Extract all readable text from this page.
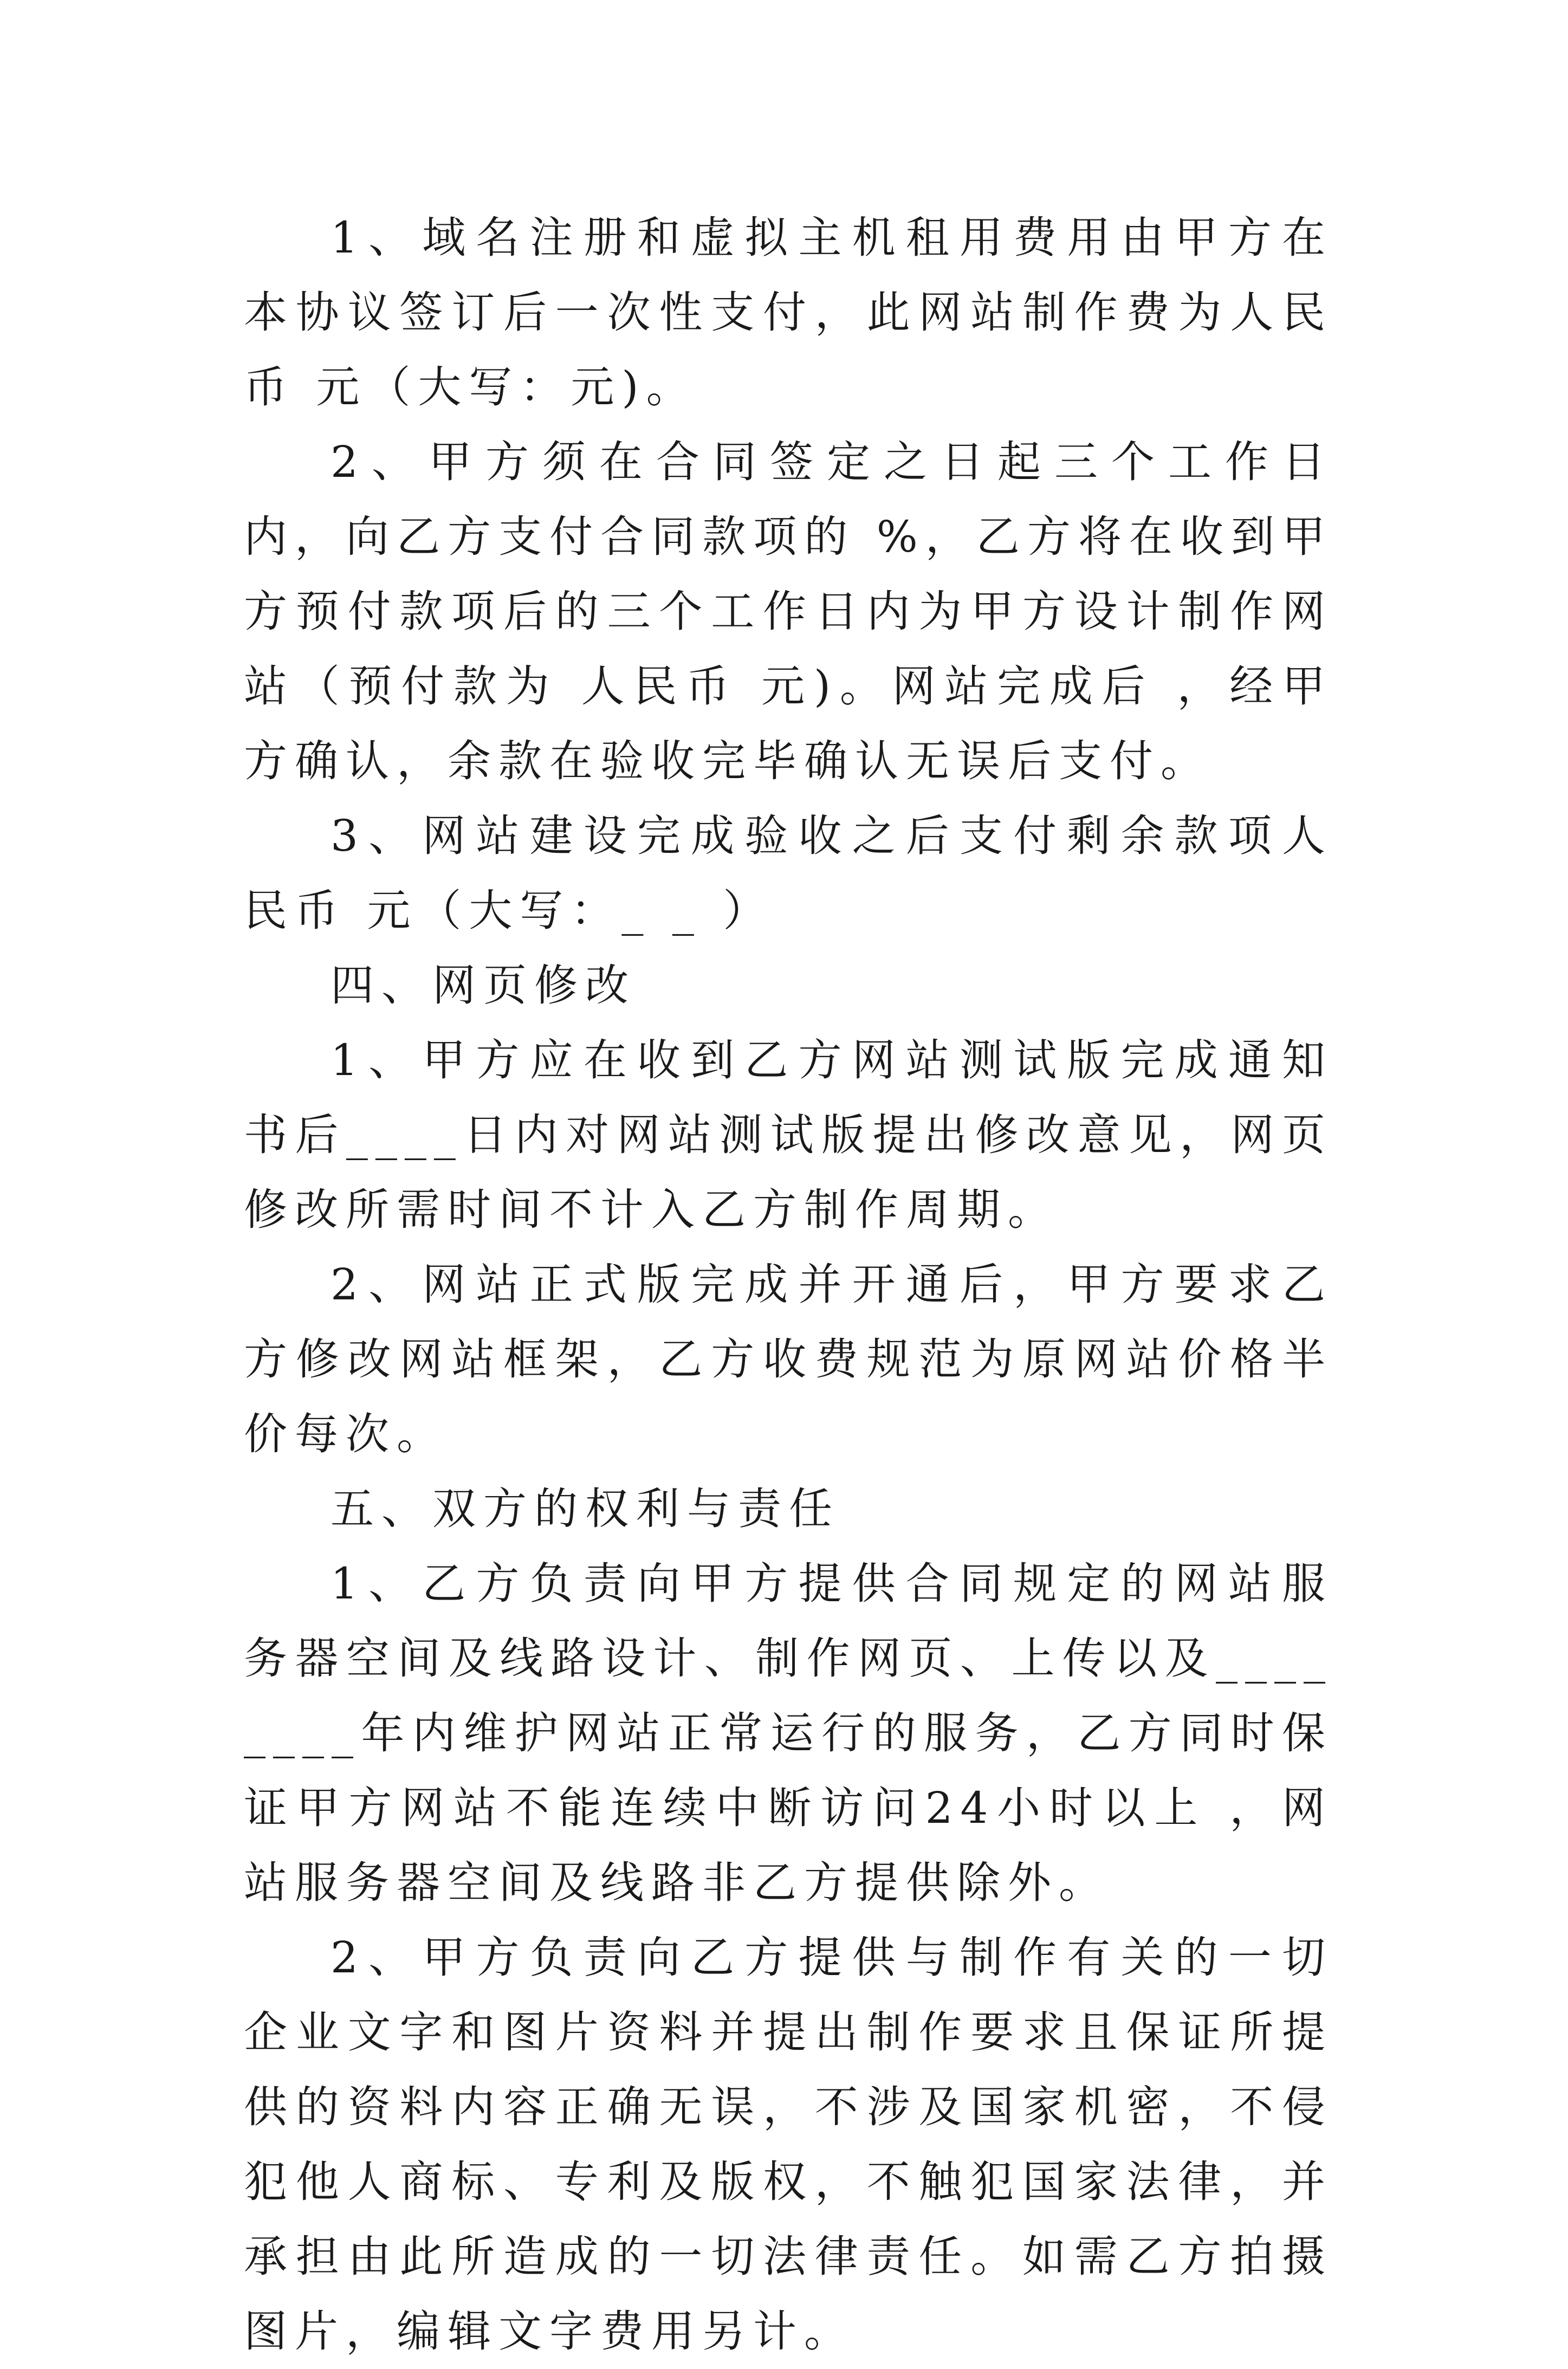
1、域名注册和虚拟主机租用费用由甲方在本协议签订后一次性支付，此网站制作费为人民币 元（大写：元)。

2、甲方须在合同签定之日起三个工作日内，向乙方支付合同款项的 %，乙方将在收到甲方预付款项后的三个工作日内为甲方设计制作网站（预付款为 人民币 元)。网站完成后 ，经甲方确认，余款在验收完毕确认无误后支付。

3、网站建设完成验收之后支付剩余款项人民币 元（大写：_ _ ）

四、网页修改

1、甲方应在收到乙方网站测试版完成通知书后____日内对网站测试版提出修改意见，网页修改所需时间不计入乙方制作周期。

2、网站正式版完成并开通后，甲方要求乙方修改网站框架，乙方收费规范为原网站价格半价每次。

五、双方的权利与责任

1、乙方负责向甲方提供合同规定的网站服务器空间及线路设计、制作网页、上传以及________年内维护网站正常运行的服务，乙方同时保证甲方网站不能连续中断访问24小时以上 ，网站服务器空间及线路非乙方提供除外。

2、甲方负责向乙方提供与制作有关的一切企业文字和图片资料并提出制作要求且保证所提供的资料内容正确无误，不涉及国家机密，不侵犯他人商标、专利及版权，不触犯国家法律，并承担由此所造成的一切法律责任。如需乙方拍摄图片，编辑文字费用另计。
